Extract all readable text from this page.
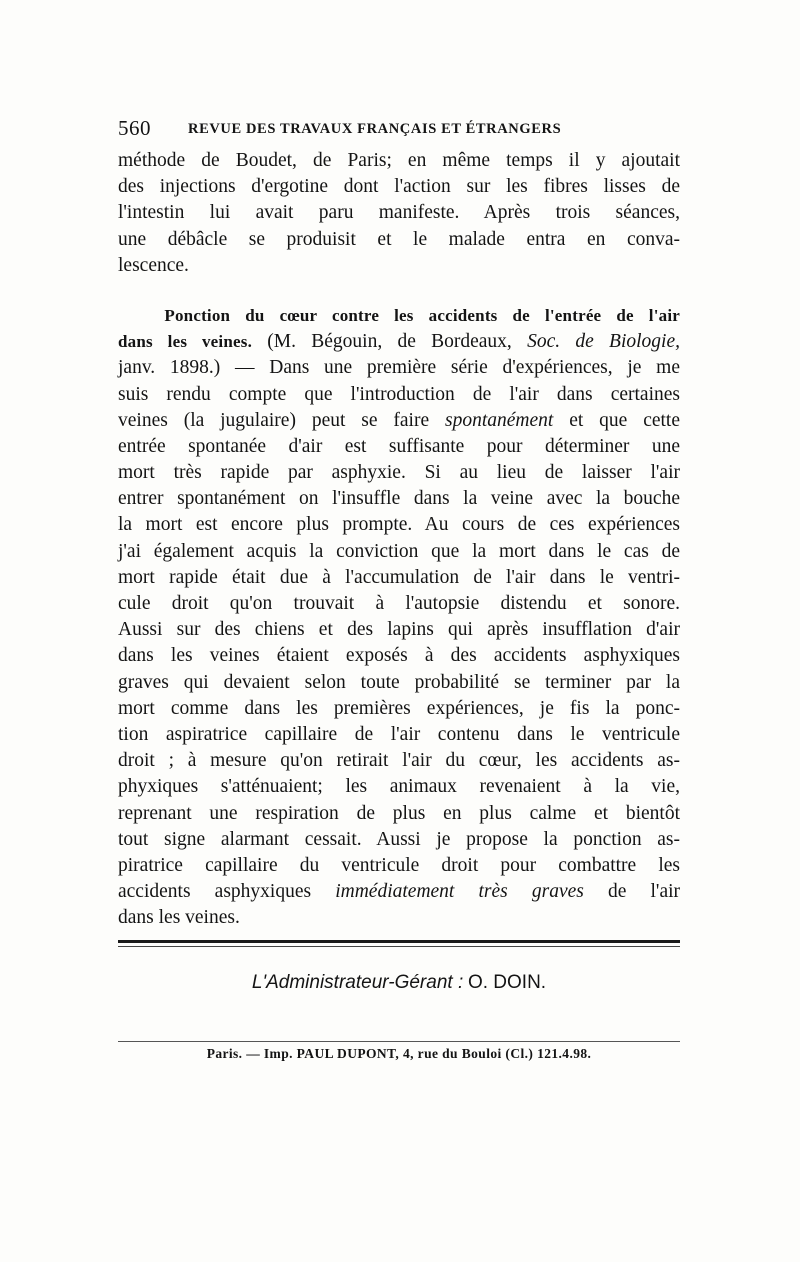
560	REVUE DES TRAVAUX FRANÇAIS ET ÉTRANGERS
méthode de Boudet, de Paris; en même temps il y ajoutait
des injections d'ergotine dont l'action sur les fibres lisses de
l'intestin lui avait paru manifeste. Après trois séances,
une débâcle se produisit et le malade entra en conva-
lescence.
Ponction du cœur contre les accidents de l'entrée de l'air
dans les veines. (M. Bégouin, de Bordeaux, Soc. de Biologie,
janv. 1898.) — Dans une première série d'expériences, je me
suis rendu compte que l'introduction de l'air dans certaines
veines (la jugulaire) peut se faire spontanément et que cette
entrée spontanée d'air est suffisante pour déterminer une
mort très rapide par asphyxie. Si au lieu de laisser l'air
entrer spontanément on l'insuffle dans la veine avec la bouche
la mort est encore plus prompte. Au cours de ces expériences
j'ai également acquis la conviction que la mort dans le cas de
mort rapide était due à l'accumulation de l'air dans le ventri-
cule droit qu'on trouvait à l'autopsie distendu et sonore.
Aussi sur des chiens et des lapins qui après insufflation d'air
dans les veines étaient exposés à des accidents asphyxiques
graves qui devaient selon toute probabilité se terminer par la
mort comme dans les premières expériences, je fis la ponc-
tion aspiratrice capillaire de l'air contenu dans le ventricule
droit ; à mesure qu'on retirait l'air du cœur, les accidents as-
phyxiques s'atténuaient; les animaux revenaient à la vie,
reprenant une respiration de plus en plus calme et bientôt
tout signe alarmant cessait. Aussi je propose la ponction as-
piratrice capillaire du ventricule droit pour combattre les
accidents asphyxiques immédiatement très graves de l'air
dans les veines.
L'Administrateur-Gérant : O. DOIN.
Paris. — Imp. PAUL DUPONT, 4, rue du Bouloi (Cl.) 121.4.98.
